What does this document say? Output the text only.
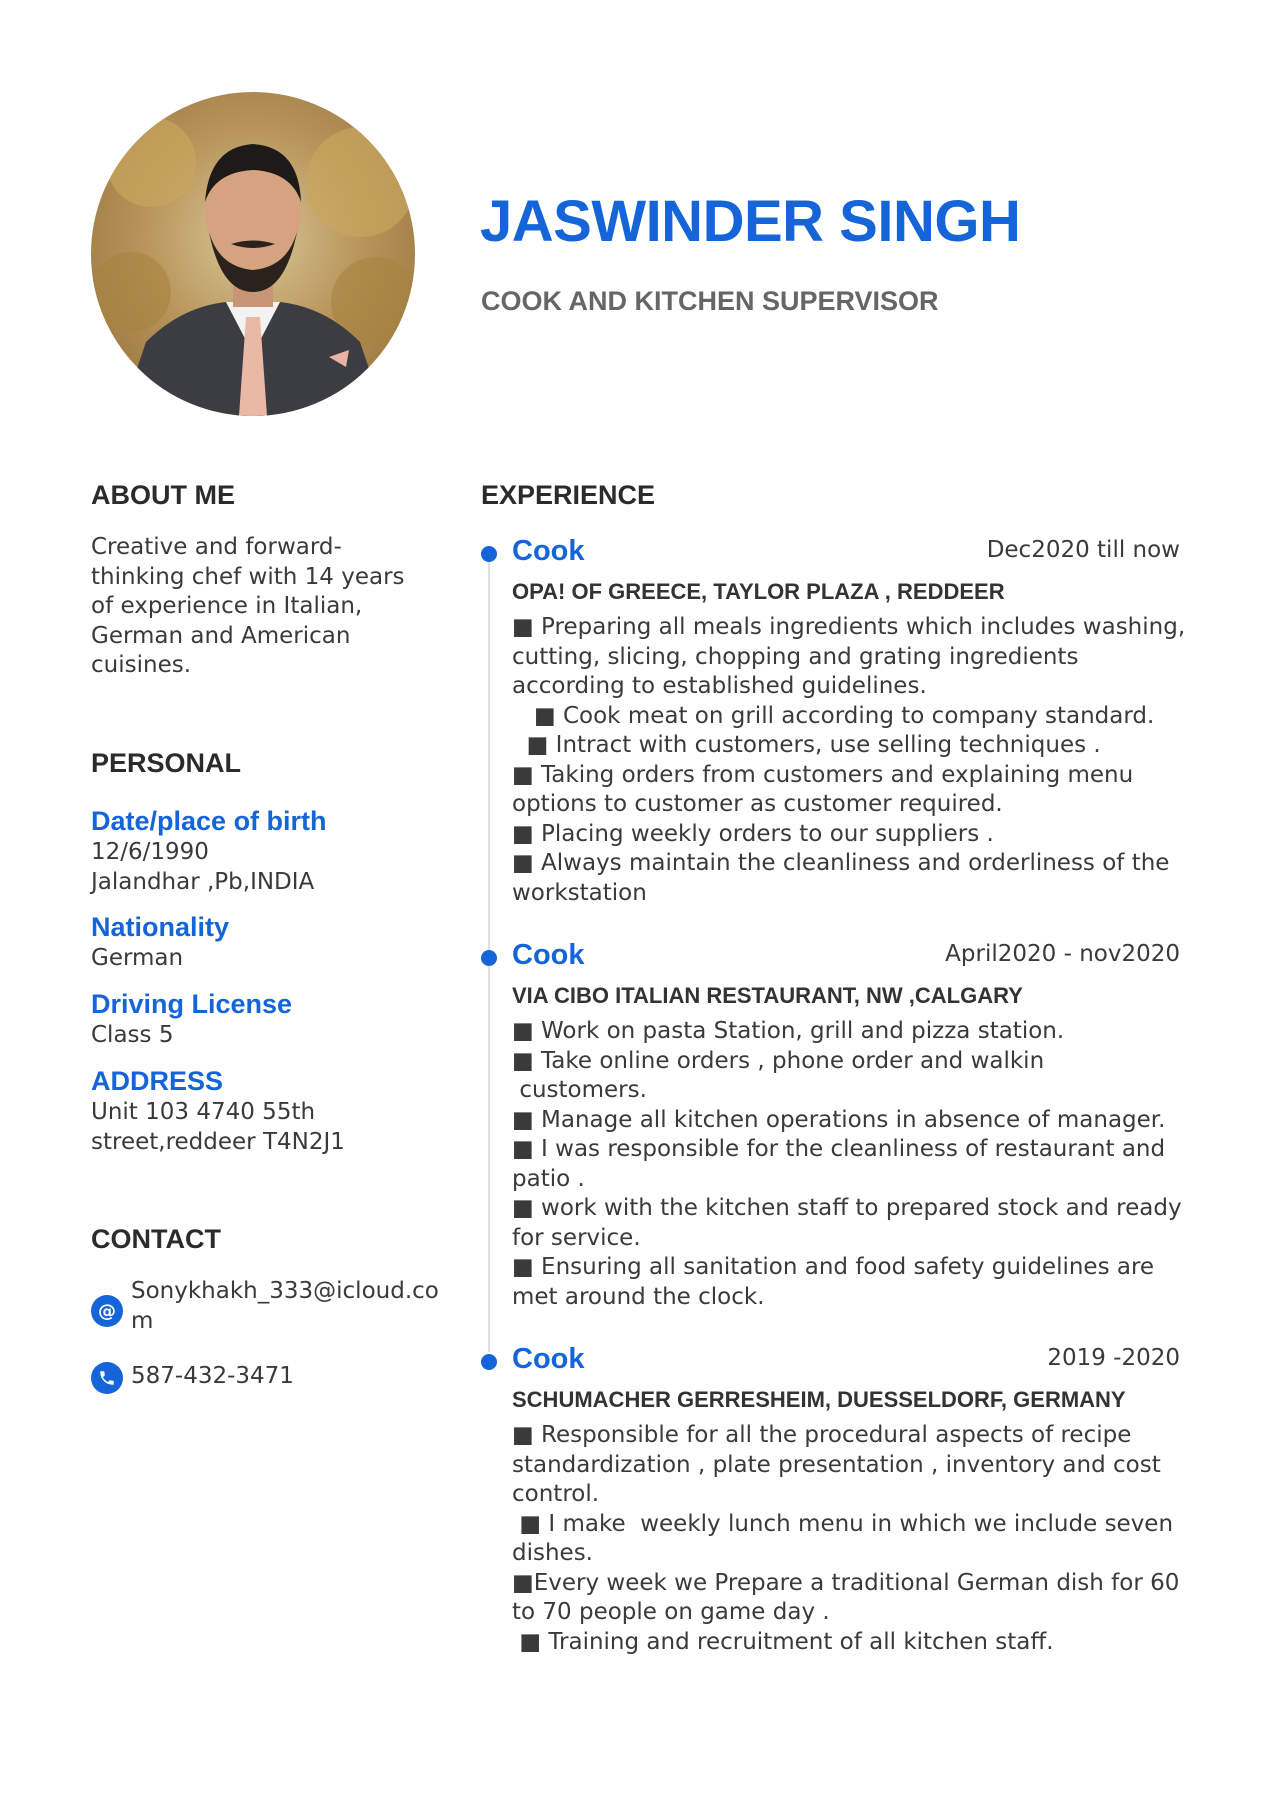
JASWINDER SINGH
COOK AND KITCHEN SUPERVISOR
ABOUT ME
Creative and forward-thinking chef with 14 years of experience in Italian, German and American cuisines.
PERSONAL
Date/place of birth
12/6/1990
Jalandhar ,Pb,INDIA
Nationality
German
Driving License
Class 5
ADDRESS
Unit 103 4740 55th street,reddeer T4N2J1
CONTACT
@
Sonykhakh_333@icloud.com
587-432-3471
EXPERIENCE
Cook	Dec2020 till now
OPA! OF GREECE, TAYLOR PLAZA , REDDEER
■ Preparing all meals ingredients which includes washing, cutting, slicing, chopping and grating ingredients according to established guidelines.
■ Cook meat on grill according to company standard.
■ Intract with customers, use selling techniques .
■ Taking orders from customers and explaining menu options to customer as customer required.
■ Placing weekly orders to our suppliers .
■ Always maintain the cleanliness and orderliness of the workstation
Cook	April2020 - nov2020
VIA CIBO ITALIAN RESTAURANT, NW ,CALGARY
■ Work on pasta Station, grill and pizza station.
■ Take online orders , phone order and walkin
customers.
■ Manage all kitchen operations in absence of manager.
■ I was responsible for the cleanliness of restaurant and patio .
■ work with the kitchen staff to prepared stock and ready for service.
■ Ensuring all sanitation and food safety guidelines are met around the clock.
Cook	2019 -2020
SCHUMACHER GERRESHEIM, DUESSELDORF, GERMANY
■ Responsible for all the procedural aspects of recipe standardization , plate presentation , inventory and cost control.
■ I make  weekly lunch menu in which we include seven dishes.
■Every week we Prepare a traditional German dish for 60 to 70 people on game day .
■ Training and recruitment of all kitchen staff.
